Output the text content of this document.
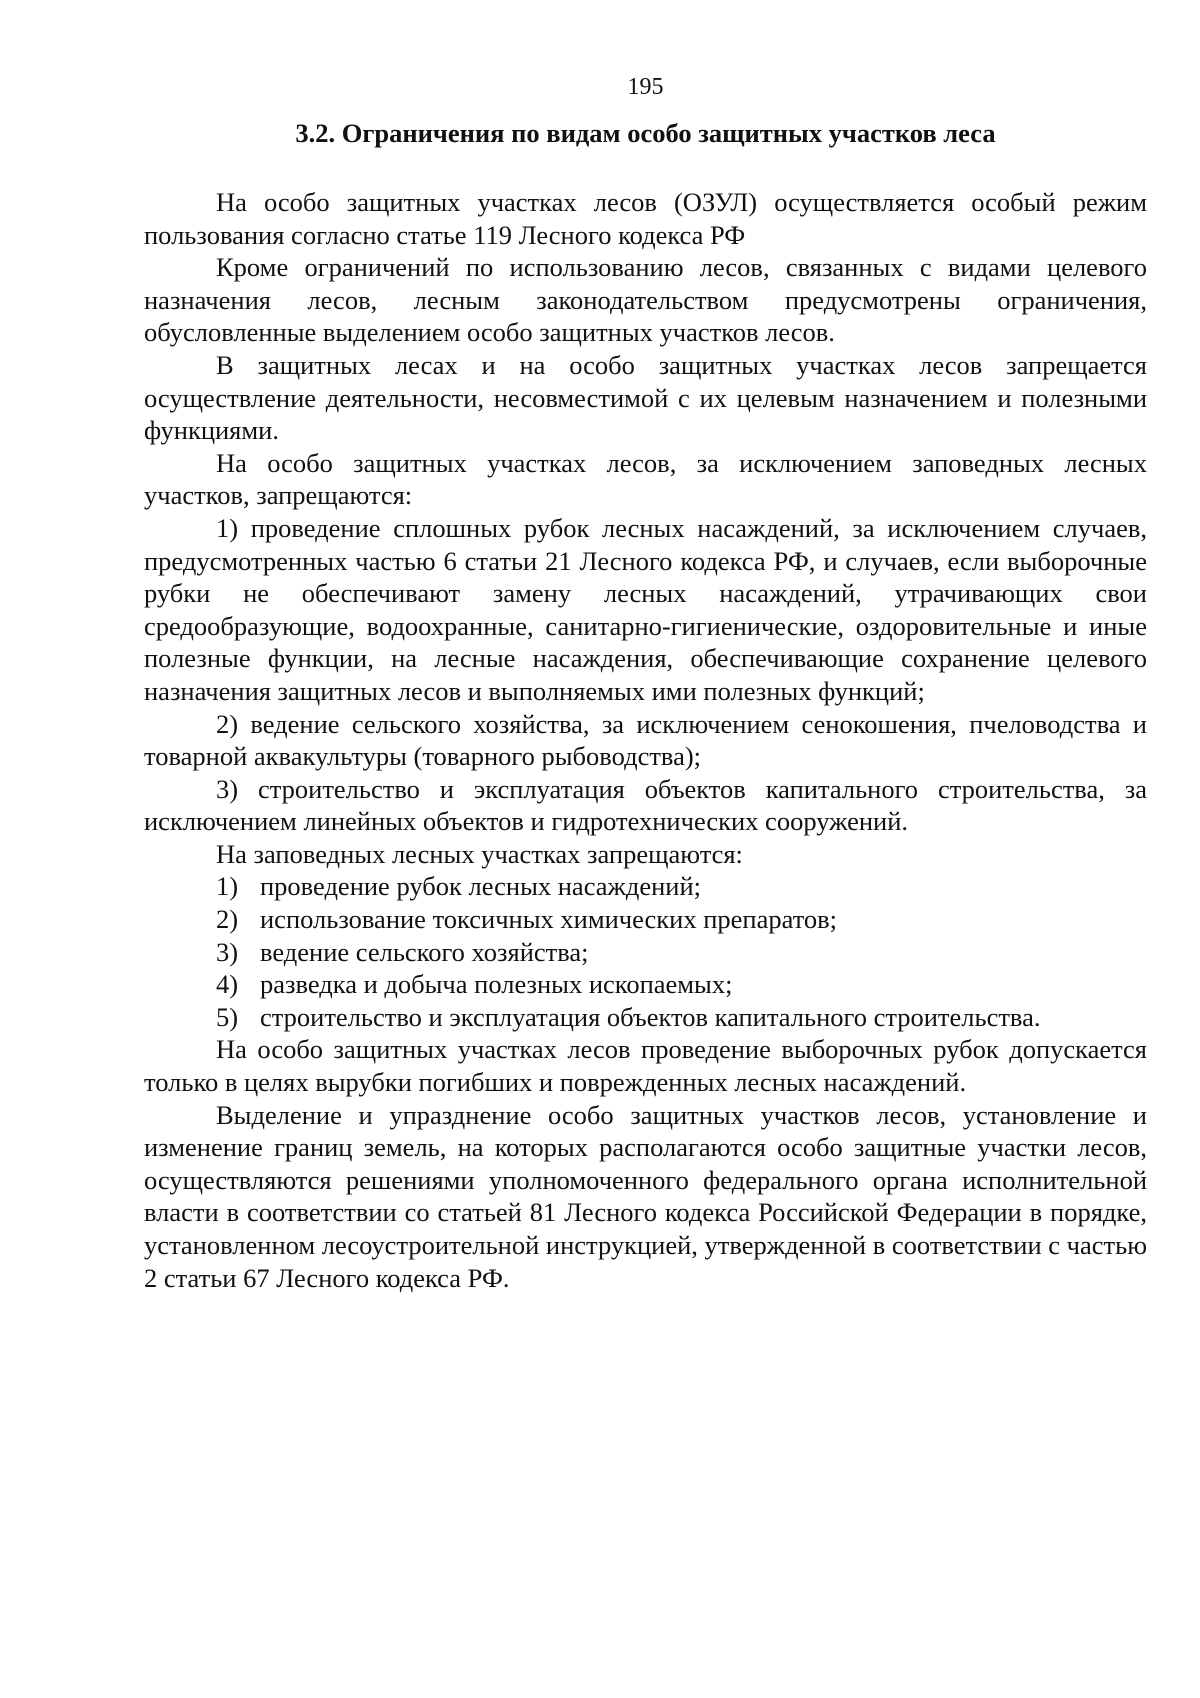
195
3.2. Ограничения по видам особо защитных участков леса

На особо защитных участках лесов (ОЗУЛ) осуществляется особый режим пользования согласно статье 119 Лесного кодекса РФ

Кроме ограничений по использованию лесов, связанных с видами целевого назначения лесов, лесным законодательством предусмотрены ограничения, обусловленные выделением особо защитных участков лесов.

В защитных лесах и на особо защитных участках лесов запрещается осуществление деятельности, несовместимой с их целевым назначением и полезными функциями.

На особо защитных участках лесов, за исключением заповедных лесных участков, запрещаются:

1) проведение сплошных рубок лесных насаждений, за исключением случаев, предусмотренных частью 6 статьи 21 Лесного кодекса РФ, и случаев, если выборочные рубки не обеспечивают замену лесных насаждений, утрачивающих свои средообразующие, водоохранные, санитарно-гигиенические, оздоровительные и иные полезные функции, на лесные насаждения, обеспечивающие сохранение целевого назначения защитных лесов и выполняемых ими полезных функций;

2) ведение сельского хозяйства, за исключением сенокошения, пчеловодства и товарной аквакультуры (товарного рыбоводства);

3) строительство и эксплуатация объектов капитального строительства, за исключением линейных объектов и гидротехнических сооружений.

На заповедных лесных участках запрещаются:

1) проведение рубок лесных насаждений;

2) использование токсичных химических препаратов;

3) ведение сельского хозяйства;

4) разведка и добыча полезных ископаемых;

5) строительство и эксплуатация объектов капитального строительства.

На особо защитных участках лесов проведение выборочных рубок допускается только в целях вырубки погибших и поврежденных лесных насаждений.

Выделение и упразднение особо защитных участков лесов, установление и изменение границ земель, на которых располагаются особо защитные участки лесов, осуществляются решениями уполномоченного федерального органа исполнительной власти в соответствии со статьей 81 Лесного кодекса Российской Федерации в порядке, установленном лесоустроительной инструкцией, утвержденной в соответствии с частью 2 статьи 67 Лесного кодекса РФ.
